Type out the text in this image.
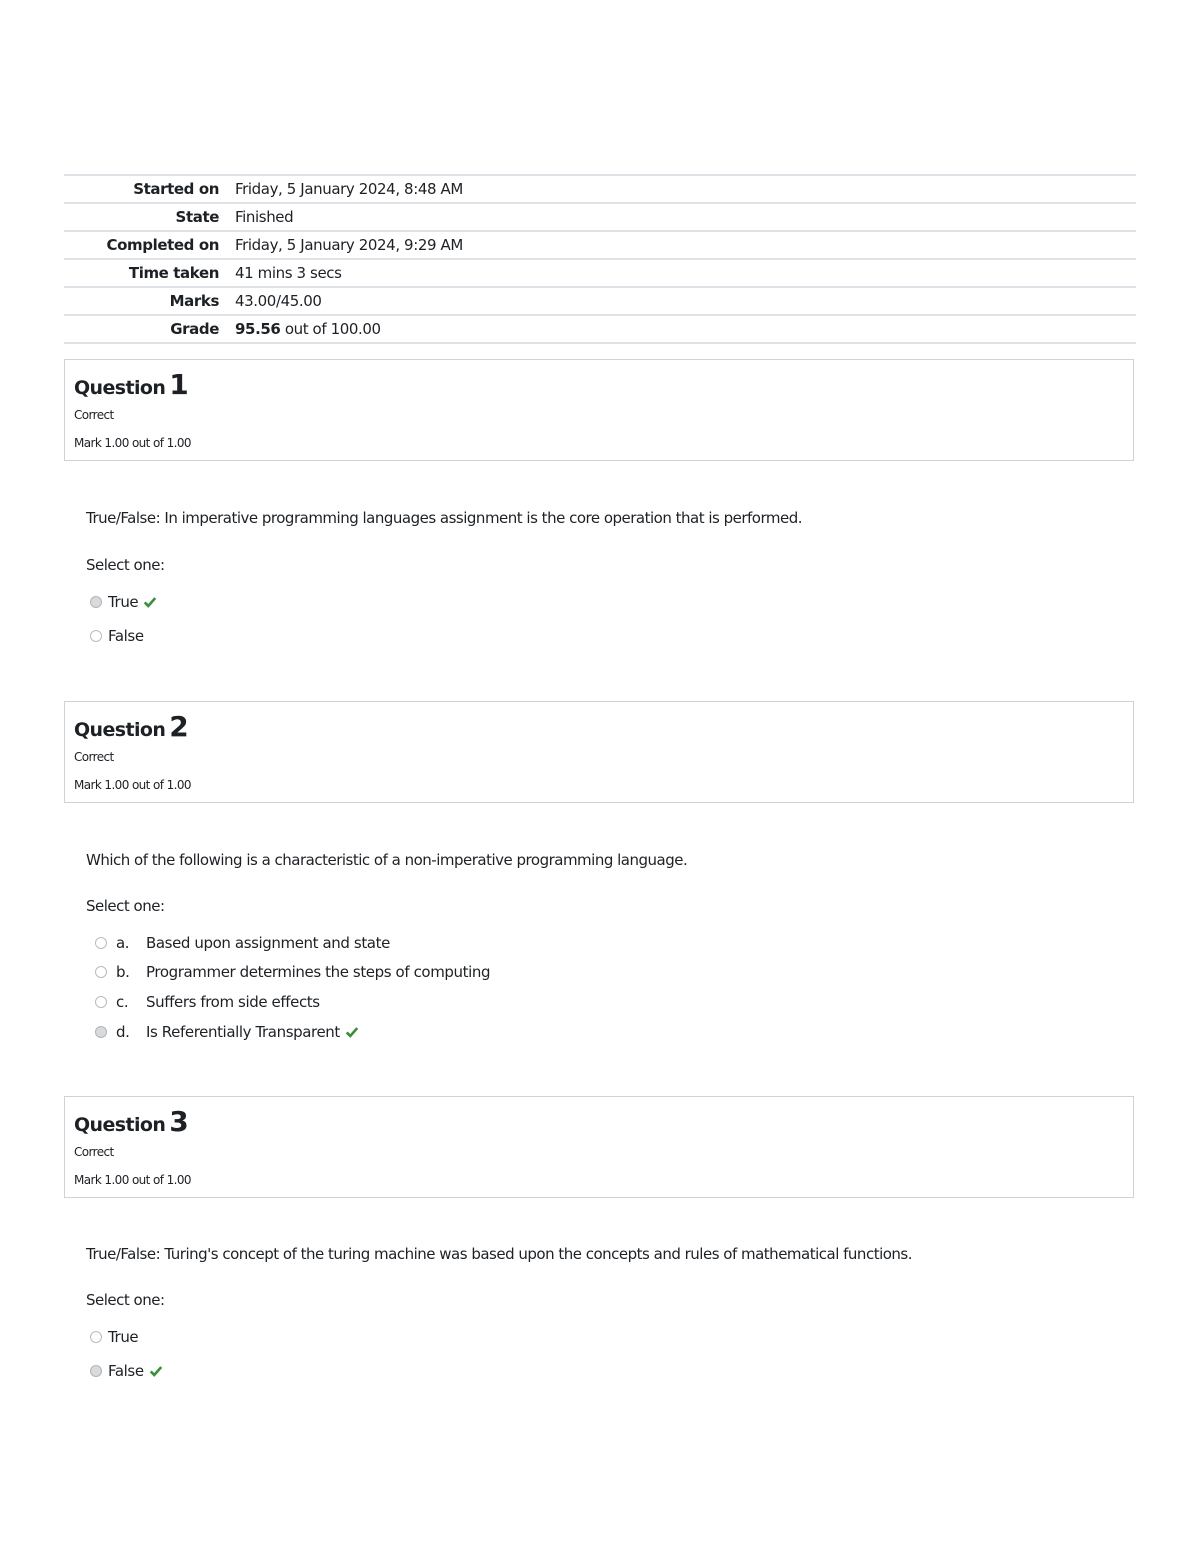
Started on	Friday, 5 January 2024, 8:48 AM
State	Finished
Completed on	Friday, 5 January 2024, 9:29 AM
Time taken	41 mins 3 secs
Marks	43.00/45.00
Grade	95.56 out of 100.00
Question 1
Correct
Mark 1.00 out of 1.00
True/False: In imperative programming languages assignment is the core operation that is performed.
Select one:
True
False
Question 2
Correct
Mark 1.00 out of 1.00
Which of the following is a characteristic of a non-imperative programming language.
Select one:
a.	Based upon assignment and state
b.	Programmer determines the steps of computing
c.	Suffers from side effects
d.	Is Referentially Transparent
Question 3
Correct
Mark 1.00 out of 1.00
True/False: Turing's concept of the turing machine was based upon the concepts and rules of mathematical functions.
Select one:
True
False
